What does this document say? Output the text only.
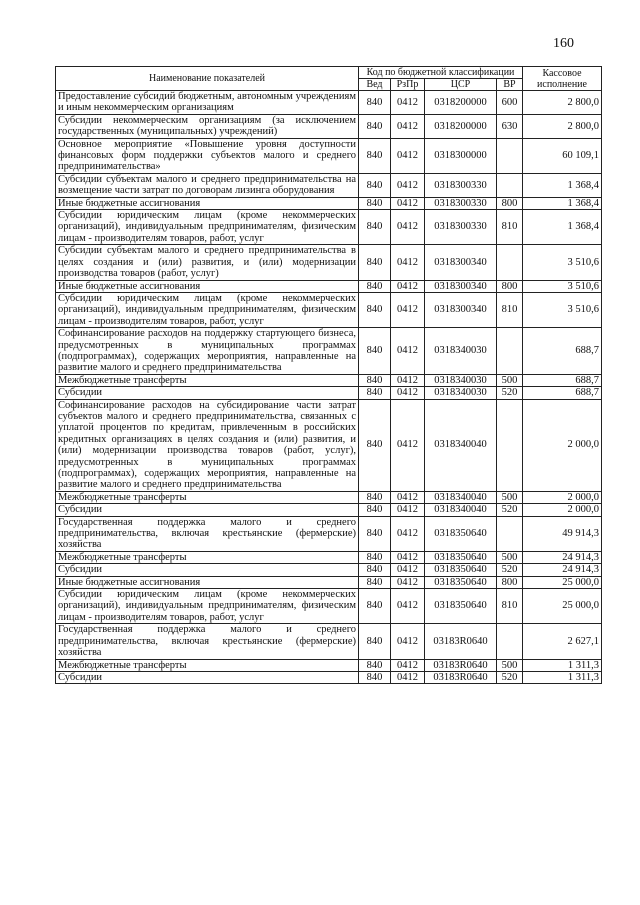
160
Наименование показателей	Код по бюджетной классификации				Кассовое исполнение
	Вед	РзПр	ЦСР	ВР	
Предоставление субсидий бюджетным, автономным учреждениям и иным некоммерческим организациям	840	0412	0318200000	600	2 800,0
Субсидии некоммерческим организациям (за исключением государственных (муниципальных) учреждений)	840	0412	0318200000	630	2 800,0
Основное мероприятие «Повышение уровня доступности финансовых форм поддержки субъектов малого и среднего предпринимательства»	840	0412	0318300000		60 109,1
Субсидии субъектам малого и среднего предпринимательства на возмещение части затрат по договорам лизинга оборудования	840	0412	0318300330		1 368,4
Иные бюджетные ассигнования	840	0412	0318300330	800	1 368,4
Субсидии юридическим лицам (кроме некоммерческих организаций), индивидуальным предпринимателям, физическим лицам - производителям товаров, работ, услуг	840	0412	0318300330	810	1 368,4
Субсидии субъектам малого и среднего предпринимательства в целях создания и (или) развития, и (или) модернизации производства товаров (работ, услуг)	840	0412	0318300340		3 510,6
Иные бюджетные ассигнования	840	0412	0318300340	800	3 510,6
Субсидии юридическим лицам (кроме некоммерческих организаций), индивидуальным предпринимателям, физическим лицам - производителям товаров, работ, услуг	840	0412	0318300340	810	3 510,6
Софинансирование расходов на поддержку стартующего бизнеса, предусмотренных в муниципальных программах (подпрограммах), содержащих мероприятия, направленные на развитие малого и среднего предпринимательства	840	0412	0318340030		688,7
Межбюджетные трансферты	840	0412	0318340030	500	688,7
Субсидии	840	0412	0318340030	520	688,7
Софинансирование расходов на субсидирование части затрат субъектов малого и среднего предпринимательства, связанных с уплатой процентов по кредитам, привлеченным в российских кредитных организациях в целях создания и (или) развития, и (или) модернизации производства товаров (работ, услуг), предусмотренных в муниципальных программах (подпрограммах), содержащих мероприятия, направленные на развитие малого и среднего предпринимательства	840	0412	0318340040		2 000,0
Межбюджетные трансферты	840	0412	0318340040	500	2 000,0
Субсидии	840	0412	0318340040	520	2 000,0
Государственная поддержка малого и среднего предпринимательства, включая крестьянские (фермерские) хозяйства	840	0412	0318350640		49 914,3
Межбюджетные трансферты	840	0412	0318350640	500	24 914,3
Субсидии	840	0412	0318350640	520	24 914,3
Иные бюджетные ассигнования	840	0412	0318350640	800	25 000,0
Субсидии юридическим лицам (кроме некоммерческих организаций), индивидуальным предпринимателям, физическим лицам - производителям товаров, работ, услуг	840	0412	0318350640	810	25 000,0
Государственная поддержка малого и среднего предпринимательства, включая крестьянские (фермерские) хозяйства	840	0412	03183R0640		2 627,1
Межбюджетные трансферты	840	0412	03183R0640	500	1 311,3
Субсидии	840	0412	03183R0640	520	1 311,3
